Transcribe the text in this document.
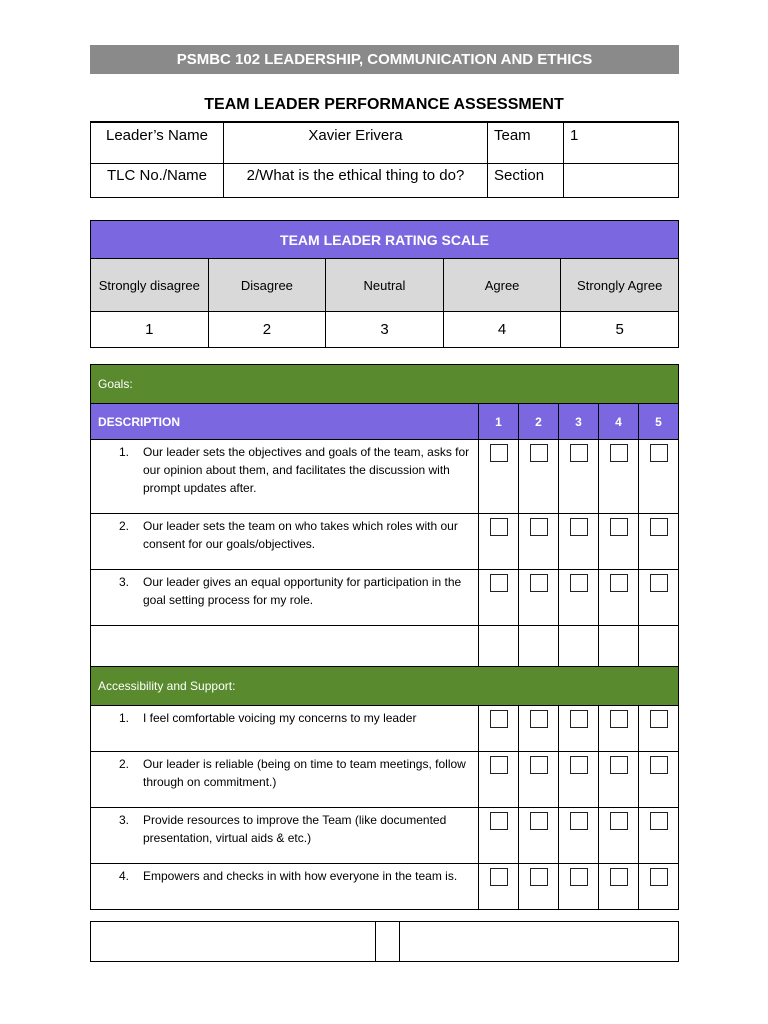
PSMBC 102 LEADERSHIP, COMMUNICATION AND ETHICS
TEAM LEADER PERFORMANCE ASSESSMENT
Leader’s Name	Xavier Erivera	Team	1
TLC No./Name	2/What is the ethical thing to do?	Section	
TEAM LEADER RATING SCALE				
Strongly disagree	Disagree	Neutral	Agree	Strongly Agree
1	2	3	4	5
Goals:					
DESCRIPTION	1	2	3	4	5

1. Our leader sets the objectives and goals of the team, asks for our opinion about them, and facilitates the discussion with prompt updates after.					

2. Our leader sets the team on who takes which roles with our consent for our goals/objectives.					

3. Our leader gives an equal opportunity for participation in the goal setting process for my role.					

Accessibility and Support:					

1. I feel comfortable voicing my concerns to my leader					

2. Our leader is reliable (being on time to team meetings, follow through on commitment.)					

3. Provide resources to improve the Team (like documented presentation, virtual aids & etc.)					

4. Empowers and checks in with how everyone in the team is.					
